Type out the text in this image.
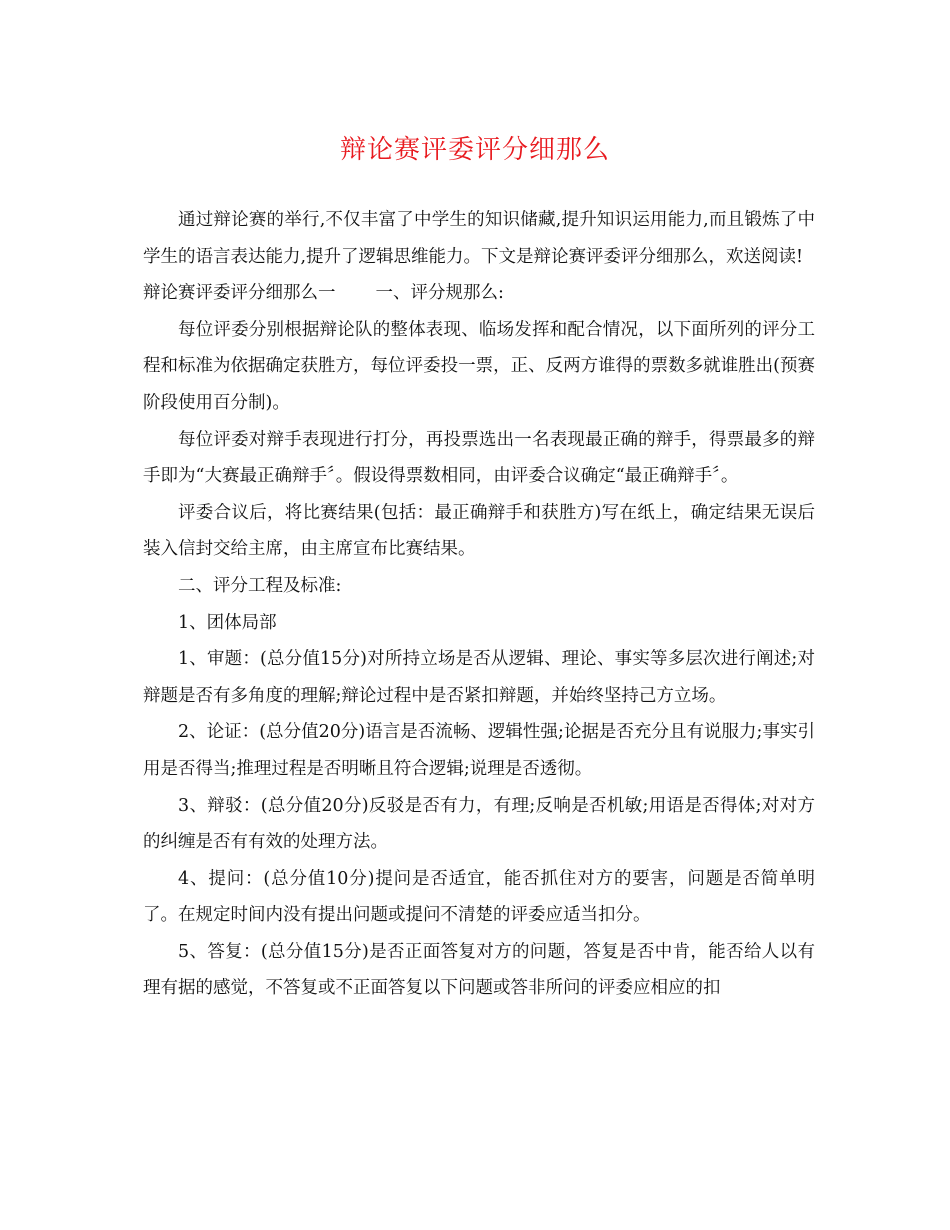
辩论赛评委评分细那么

通过辩论赛的举行,不仅丰富了中学生的知识储藏,提升知识运用能力,而且锻炼了中学生的语言表达能力,提升了逻辑思维能力。下文是辩论赛评委评分细那么，欢送阅读!

辩论赛评委评分细那么一 一、评分规那么:

每位评委分别根据辩论队的整体表现、临场发挥和配合情况，以下面所列的评分工程和标准为依据确定获胜方，每位评委投一票，正、反两方谁得的票数多就谁胜出(预赛阶段使用百分制)。

每位评委对辩手表现进行打分，再投票选出一名表现最正确的辩手，得票最多的辩手即为“大赛最正确辩手〞。假设得票数相同，由评委合议确定“最正确辩手〞。

评委合议后，将比赛结果(包括：最正确辩手和获胜方)写在纸上，确定结果无误后装入信封交给主席，由主席宣布比赛结果。

二、评分工程及标准:

1、团体局部

1、审题：(总分值15分)对所持立场是否从逻辑、理论、事实等多层次进行阐述;对辩题是否有多角度的理解;辩论过程中是否紧扣辩题，并始终坚持己方立场。

2、论证：(总分值20分)语言是否流畅、逻辑性强;论据是否充分且有说服力;事实引用是否得当;推理过程是否明晰且符合逻辑;说理是否透彻。

3、辩驳：(总分值20分)反驳是否有力，有理;反响是否机敏;用语是否得体;对对方的纠缠是否有有效的处理方法。

4、提问：(总分值10分)提问是否适宜，能否抓住对方的要害，问题是否简单明了。在规定时间内没有提出问题或提问不清楚的评委应适当扣分。

5、答复：(总分值15分)是否正面答复对方的问题，答复是否中肯，能否给人以有理有据的感觉，不答复或不正面答复以下问题或答非所问的评委应相应的扣
